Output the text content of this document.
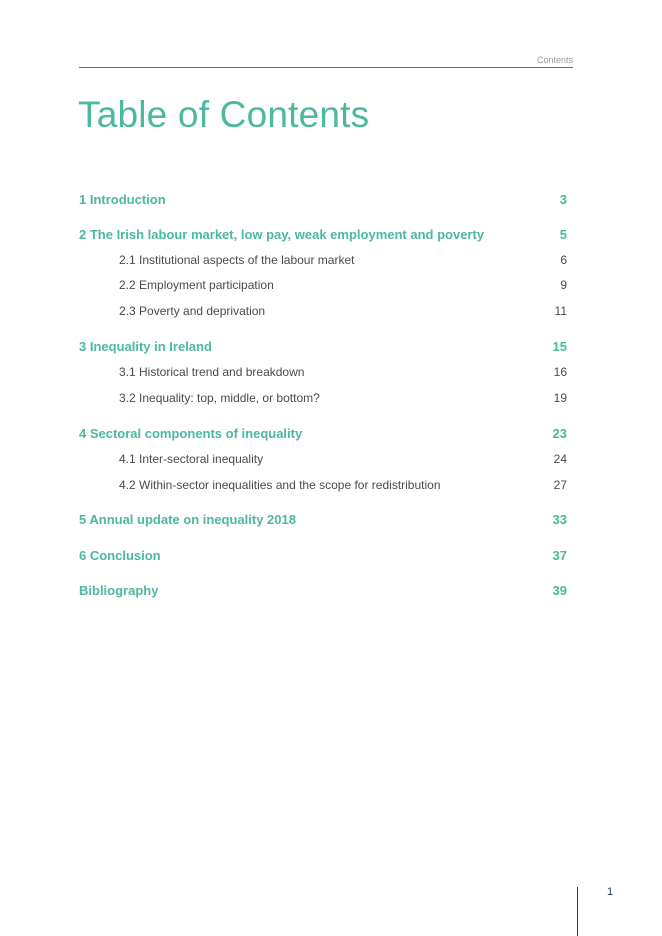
Contents
Table of Contents
1 Introduction	3
2 The Irish labour market, low pay, weak employment and poverty	5
2.1 Institutional aspects of the labour market	6
2.2 Employment participation	9
2.3 Poverty and deprivation	11
3 Inequality in Ireland	15
3.1 Historical trend and breakdown	16
3.2 Inequality: top, middle, or bottom?	19
4 Sectoral components of inequality	23
4.1 Inter-sectoral inequality	24
4.2 Within-sector inequalities and the scope for redistribution	27
5 Annual update on inequality 2018	33
6 Conclusion	37
Bibliography	39
1
